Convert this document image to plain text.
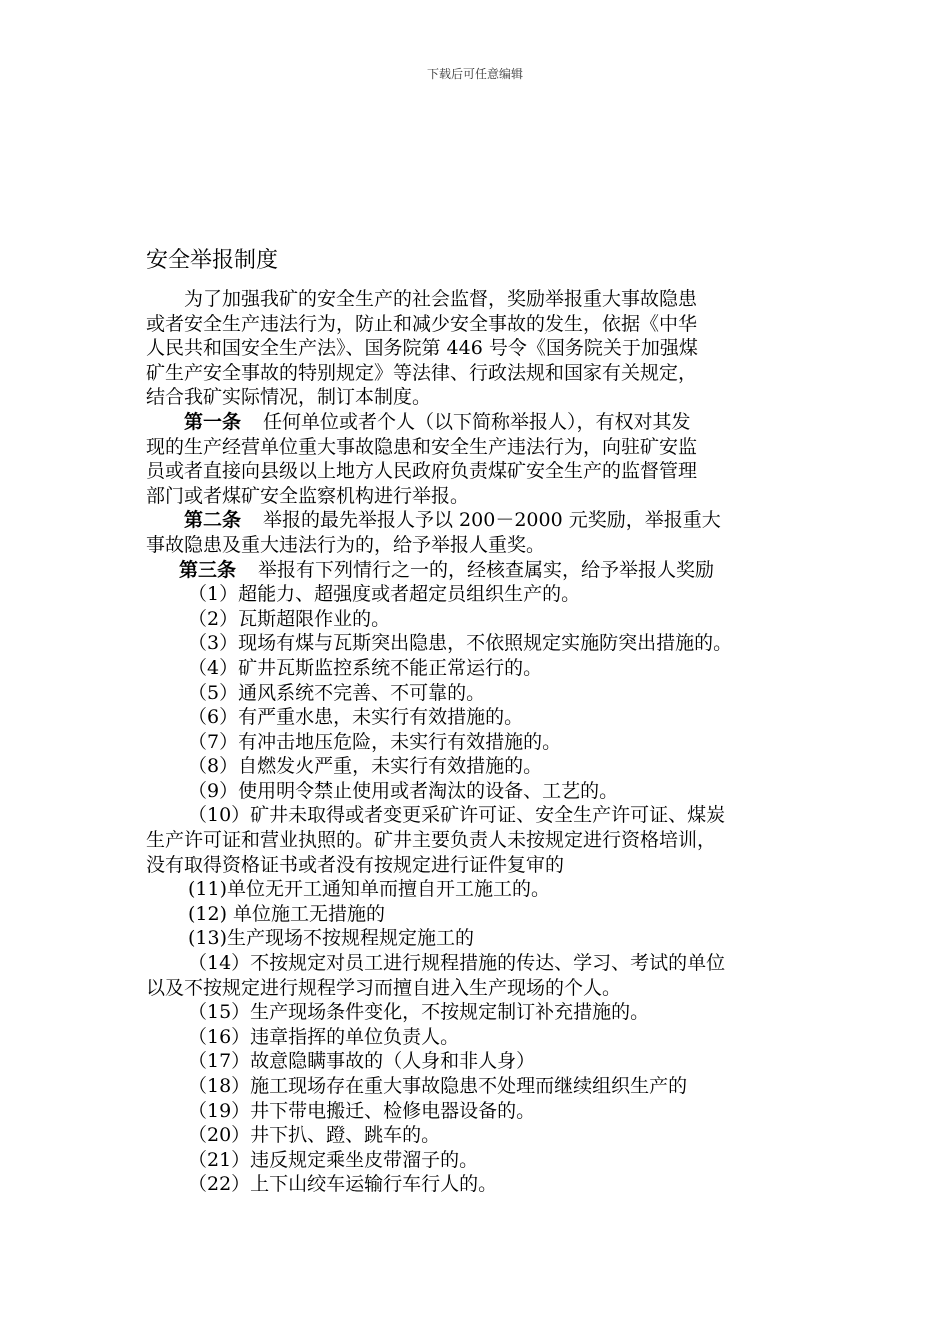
下载后可任意编辑
安全举报制度
为了加强我矿的安全生产的社会监督，奖励举报重大事故隐患
或者安全生产违法行为，防止和减少安全事故的发生，依据《中华
人民共和国安全生产法》、国务院第 446 号令《国务院关于加强煤
矿生产安全事故的特别规定》等法律、行政法规和国家有关规定，
结合我矿实际情况，制订本制度。
第一条 任何单位或者个人（以下简称举报人），有权对其发
现的生产经营单位重大事故隐患和安全生产违法行为，向驻矿安监
员或者直接向县级以上地方人民政府负责煤矿安全生产的监督管理
部门或者煤矿安全监察机构进行举报。
第二条 举报的最先举报人予以 200－2000 元奖励，举报重大
事故隐患及重大违法行为的，给予举报人重奖。
第三条 举报有下列情行之一的，经核查属实，给予举报人奖励
（1）超能力、超强度或者超定员组织生产的。
（2）瓦斯超限作业的。
（3）现场有煤与瓦斯突出隐患，不依照规定实施防突出措施的。
（4）矿井瓦斯监控系统不能正常运行的。
（5）通风系统不完善、不可靠的。
（6）有严重水患，未实行有效措施的。
（7）有冲击地压危险，未实行有效措施的。
（8）自燃发火严重，未实行有效措施的。
（9）使用明令禁止使用或者淘汰的设备、工艺的。
（10）矿井未取得或者变更采矿许可证、安全生产许可证、煤炭
生产许可证和营业执照的。矿井主要负责人未按规定进行资格培训，
没有取得资格证书或者没有按规定进行证件复审的
(11)单位无开工通知单而擅自开工施工的。
(12) 单位施工无措施的
(13)生产现场不按规程规定施工的
（14）不按规定对员工进行规程措施的传达、学习、考试的单位
以及不按规定进行规程学习而擅自进入生产现场的个人。
（15）生产现场条件变化，不按规定制订补充措施的。
（16）违章指挥的单位负责人。
（17）故意隐瞒事故的（人身和非人身）
（18）施工现场存在重大事故隐患不处理而继续组织生产的
（19）井下带电搬迁、检修电器设备的。
（20）井下扒、蹬、跳车的。
（21）违反规定乘坐皮带溜子的。
（22）上下山绞车运输行车行人的。
